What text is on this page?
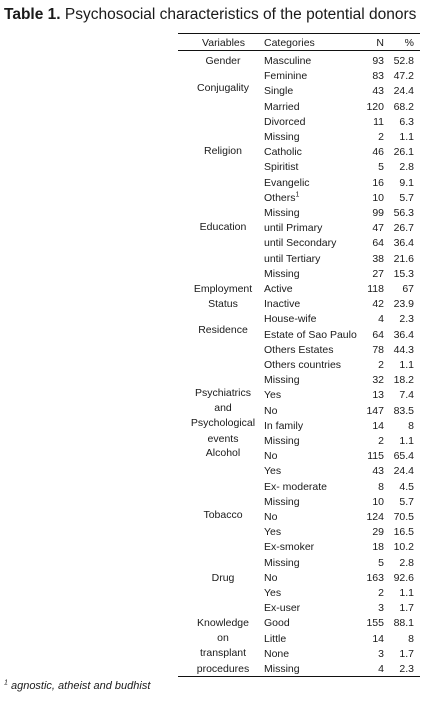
Table 1. Psychosocial characteristics of the potential donors
Variables Categories	N	%
Gender	Masculine	93 52.8
Feminine	83 47.2
Conjugality	Single	43 24.4
Married	120 68.2
Divorced	11	6.3
Missing	2	1.1
Religion	Catholic	46 26.1
Spiritist	5	2.8
Evangelic	16	9.1
Others$^1$	10	5.7
Missing	99 56.3
Education	until Primary	47 26.7
until Secondary	64 36.4
until Tertiary	38 21.6
Missing	27 15.3
Employment
Status
Active	118	67
Inactive	42 23.9
House-wife	4	2.3
Residence	Estate of Sao Paulo	64 36.4
Others Estates	78 44.3
Others countries	2	1.1
Missing	32 18.2
Psychiatrics
and
Psychological
events
Yes	13	7.4
No	147 83.5
In family	14	8
Missing	2	1.1
Alcohol	No	115 65.4
Yes	43 24.4
Ex- moderate	8	4.5
Missing	10	5.7
Tobacco	No	124 70.5
Yes	29 16.5
Ex-smoker	18 10.2
Missing	5	2.8
Drug	No	163 92.6
Yes	2	1.1
Ex-user	3	1.7
Knowledge
on
transplant
procedures
Good	155 88.1
Little	14	8
None	3	1.7
Missing	4	2.3
$^1$ agnostic, atheist and budhist
